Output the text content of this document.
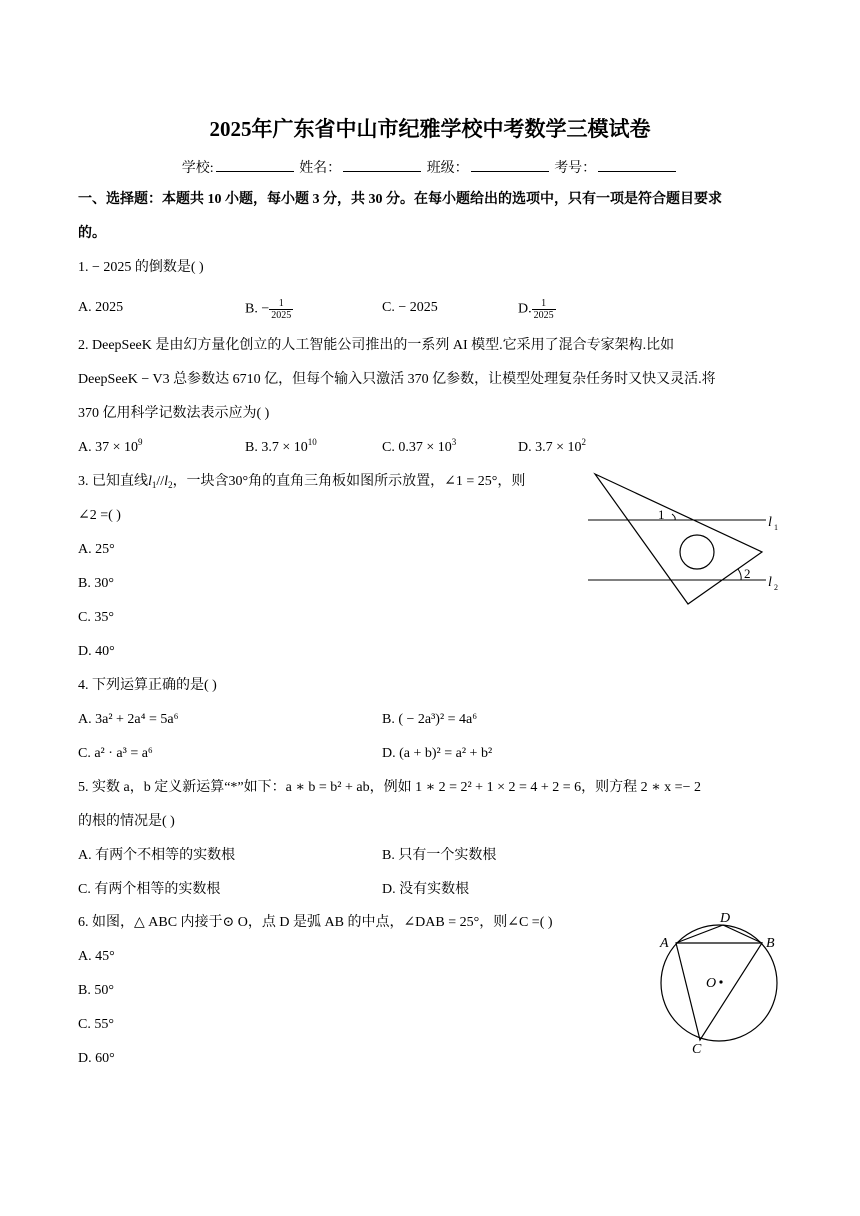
2025年广东省中山市纪雅学校中考数学三模试卷
学校:	姓名：	班级：	考号：
一、选择题：本题共 10 小题，每小题 3 分，共 30 分。在每小题给出的选项中，只有一项是符合题目要求
的。
1. − 2025 的倒数是( )
A. 2025	B. − $\frac{1}{2025}$	C. − 2025	D. $\frac{1}{2025}$
2. DeepSeeK 是由幻方量化创立的人工智能公司推出的一系列 AI 模型.它采用了混合专家架构.比如
DeepSeeK − V3 总参数达 6710 亿，但每个输入只激活 370 亿参数，让模型处理复杂任务时又快又灵活.将
370 亿用科学记数法表示应为( )
A. $37 \times 10^9$	B. $3.7 \times 10^{10}$	C. $0.37 \times 10^3$	D. $3.7 \times 10^2$
3. 已知直线$l_1//l_2$，一块含30°角的直角三角板如图所示放置，∠1 = 25°，则
∠2 =( )
A. 25°
B. 30°
C. 35°
D. 40°
1
2
l 1
l 2
4. 下列运算正确的是( )
A. 3a² + 2a⁴ = 5a⁶	B. ( − 2a³)² = 4a⁶
C. a² · a³ = a⁶	D. (a + b)² = a² + b²
5. 实数 a，b 定义新运算“*”如下：a ∗ b = b² + ab，例如 1 ∗ 2 = 2² + 1 × 2 = 4 + 2 = 6，则方程 2 ∗ x =− 2
的根的情况是( )
A. 有两个不相等的实数根	B. 只有一个实数根
C. 有两个相等的实数根	D. 没有实数根
6. 如图，△ ABC 内接于⊙ O，点 D 是弧 AB 的中点，∠DAB = 25°，则∠C =( )
A. 45°
B. 50°
C. 55°
D. 60°
A	B
C
D
O
